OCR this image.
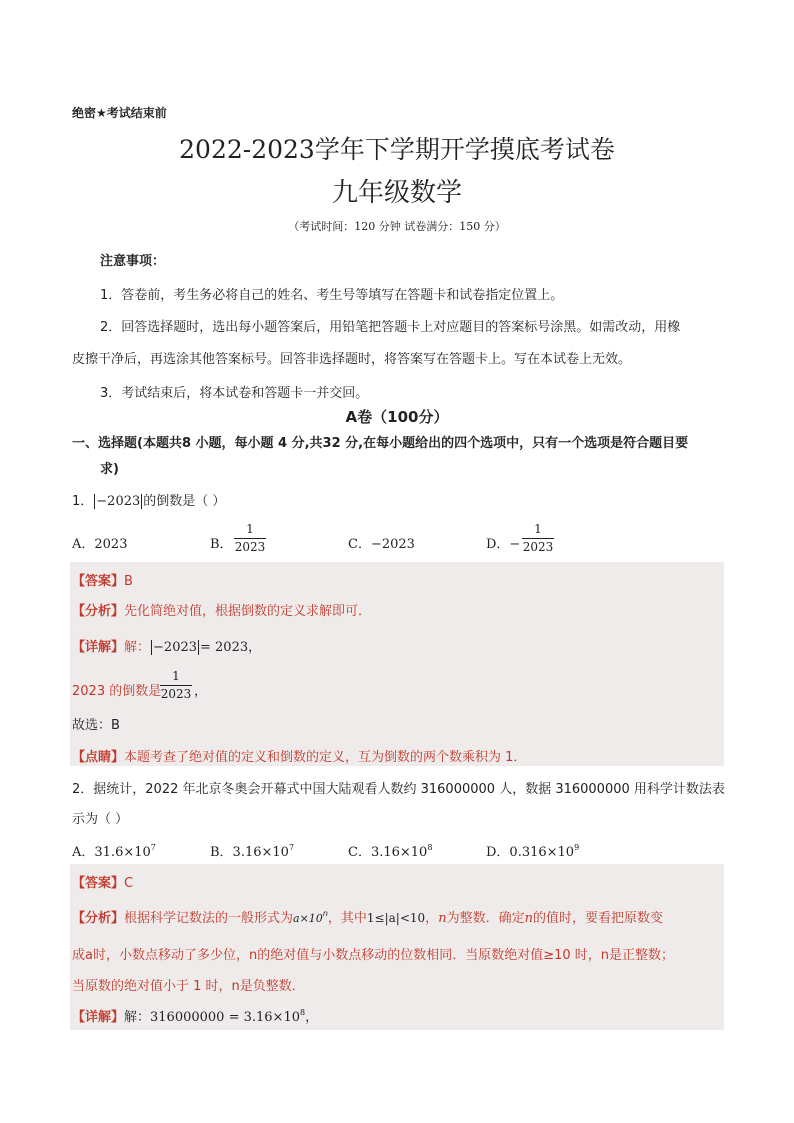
绝密★考试结束前
2022-2023学年下学期开学摸底考试卷
九年级数学
（考试时间：120 分钟 试卷满分：150 分）
注意事项：
1．答卷前，考生务必将自己的姓名、考生号等填写在答题卡和试卷指定位置上。
2．回答选择题时，选出每小题答案后，用铅笔把答题卡上对应题目的答案标号涂黑。如需改动，用橡
皮擦干净后，再选涂其他答案标号。回答非选择题时，将答案写在答题卡上。写在本试卷上无效。
3．考试结束后，将本试卷和答题卡一并交回。
A卷（100分）
一、选择题(本题共8 小题，每小题 4 分,共32 分,在每小题给出的四个选项中，只有一个选项是符合题目要
求)
1． −2023 的倒数是（ ）
A．2023	B．
1
2023	C．−2023	D．−
1
2023
【答案】B
【分析】先化简绝对值，根据倒数的定义求解即可．
【详解】解： −2023 = 2023，
2023 的倒数是
1
2023 ，
故选：B
【点睛】本题考查了绝对值的定义和倒数的定义，互为倒数的两个数乘积为 1．
2．据统计，2022 年北京冬奥会开幕式中国大陆观看人数约 316000000 人，数据 316000000 用科学计数法表
示为（ ）
A．$31.6\times 10^7$	B．$3.16\times 10^7$	C．$3.16\times 10^8$	D．$0.316\times 10^9$
【答案】C
【分析】根据科学记数法的一般形式为$a\times 10^n$，其中1≤|a|<10，n为整数．确定n的值时，要看把原数变
成a时，小数点移动了多少位，n的绝对值与小数点移动的位数相同．当原数绝对值≥10 时，n是正整数；
当原数的绝对值小于 1 时，n是负整数．
【详解】解：$316000000 = 3.16\times 10^8$，
